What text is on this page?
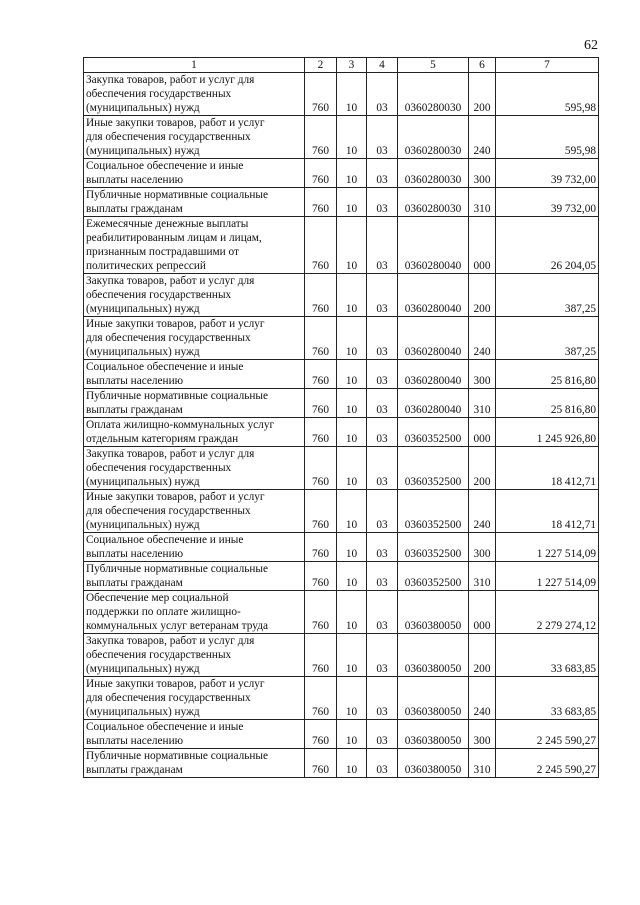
62
1	2	3	4	5	6	7

Закупка товаров, работ и услуг для
обеспечения государственных
(муниципальных) нужд	760	10	03	0360280030	200	595,98

Иные закупки товаров, работ и услуг
для обеспечения государственных
(муниципальных) нужд	760	10	03	0360280030	240	595,98

Социальное обеспечение и иные
выплаты населению	760	10	03	0360280030	300	39 732,00

Публичные нормативные социальные
выплаты гражданам	760	10	03	0360280030	310	39 732,00

Ежемесячные денежные выплаты
реабилитированным лицам и лицам,
признанным пострадавшими от
политических репрессий	760	10	03	0360280040	000	26 204,05

Закупка товаров, работ и услуг для
обеспечения государственных
(муниципальных) нужд	760	10	03	0360280040	200	387,25

Иные закупки товаров, работ и услуг
для обеспечения государственных
(муниципальных) нужд	760	10	03	0360280040	240	387,25

Социальное обеспечение и иные
выплаты населению	760	10	03	0360280040	300	25 816,80

Публичные нормативные социальные
выплаты гражданам	760	10	03	0360280040	310	25 816,80

Оплата жилищно-коммунальных услуг
отдельным категориям граждан	760	10	03	0360352500	000	1 245 926,80

Закупка товаров, работ и услуг для
обеспечения государственных
(муниципальных) нужд	760	10	03	0360352500	200	18 412,71

Иные закупки товаров, работ и услуг
для обеспечения государственных
(муниципальных) нужд	760	10	03	0360352500	240	18 412,71

Социальное обеспечение и иные
выплаты населению	760	10	03	0360352500	300	1 227 514,09

Публичные нормативные социальные
выплаты гражданам	760	10	03	0360352500	310	1 227 514,09

Обеспечение мер социальной
поддержки по оплате жилищно-
коммунальных услуг ветеранам труда	760	10	03	0360380050	000	2 279 274,12

Закупка товаров, работ и услуг для
обеспечения государственных
(муниципальных) нужд	760	10	03	0360380050	200	33 683,85

Иные закупки товаров, работ и услуг
для обеспечения государственных
(муниципальных) нужд	760	10	03	0360380050	240	33 683,85

Социальное обеспечение и иные
выплаты населению	760	10	03	0360380050	300	2 245 590,27

Публичные нормативные социальные
выплаты гражданам	760	10	03	0360380050	310	2 245 590,27
